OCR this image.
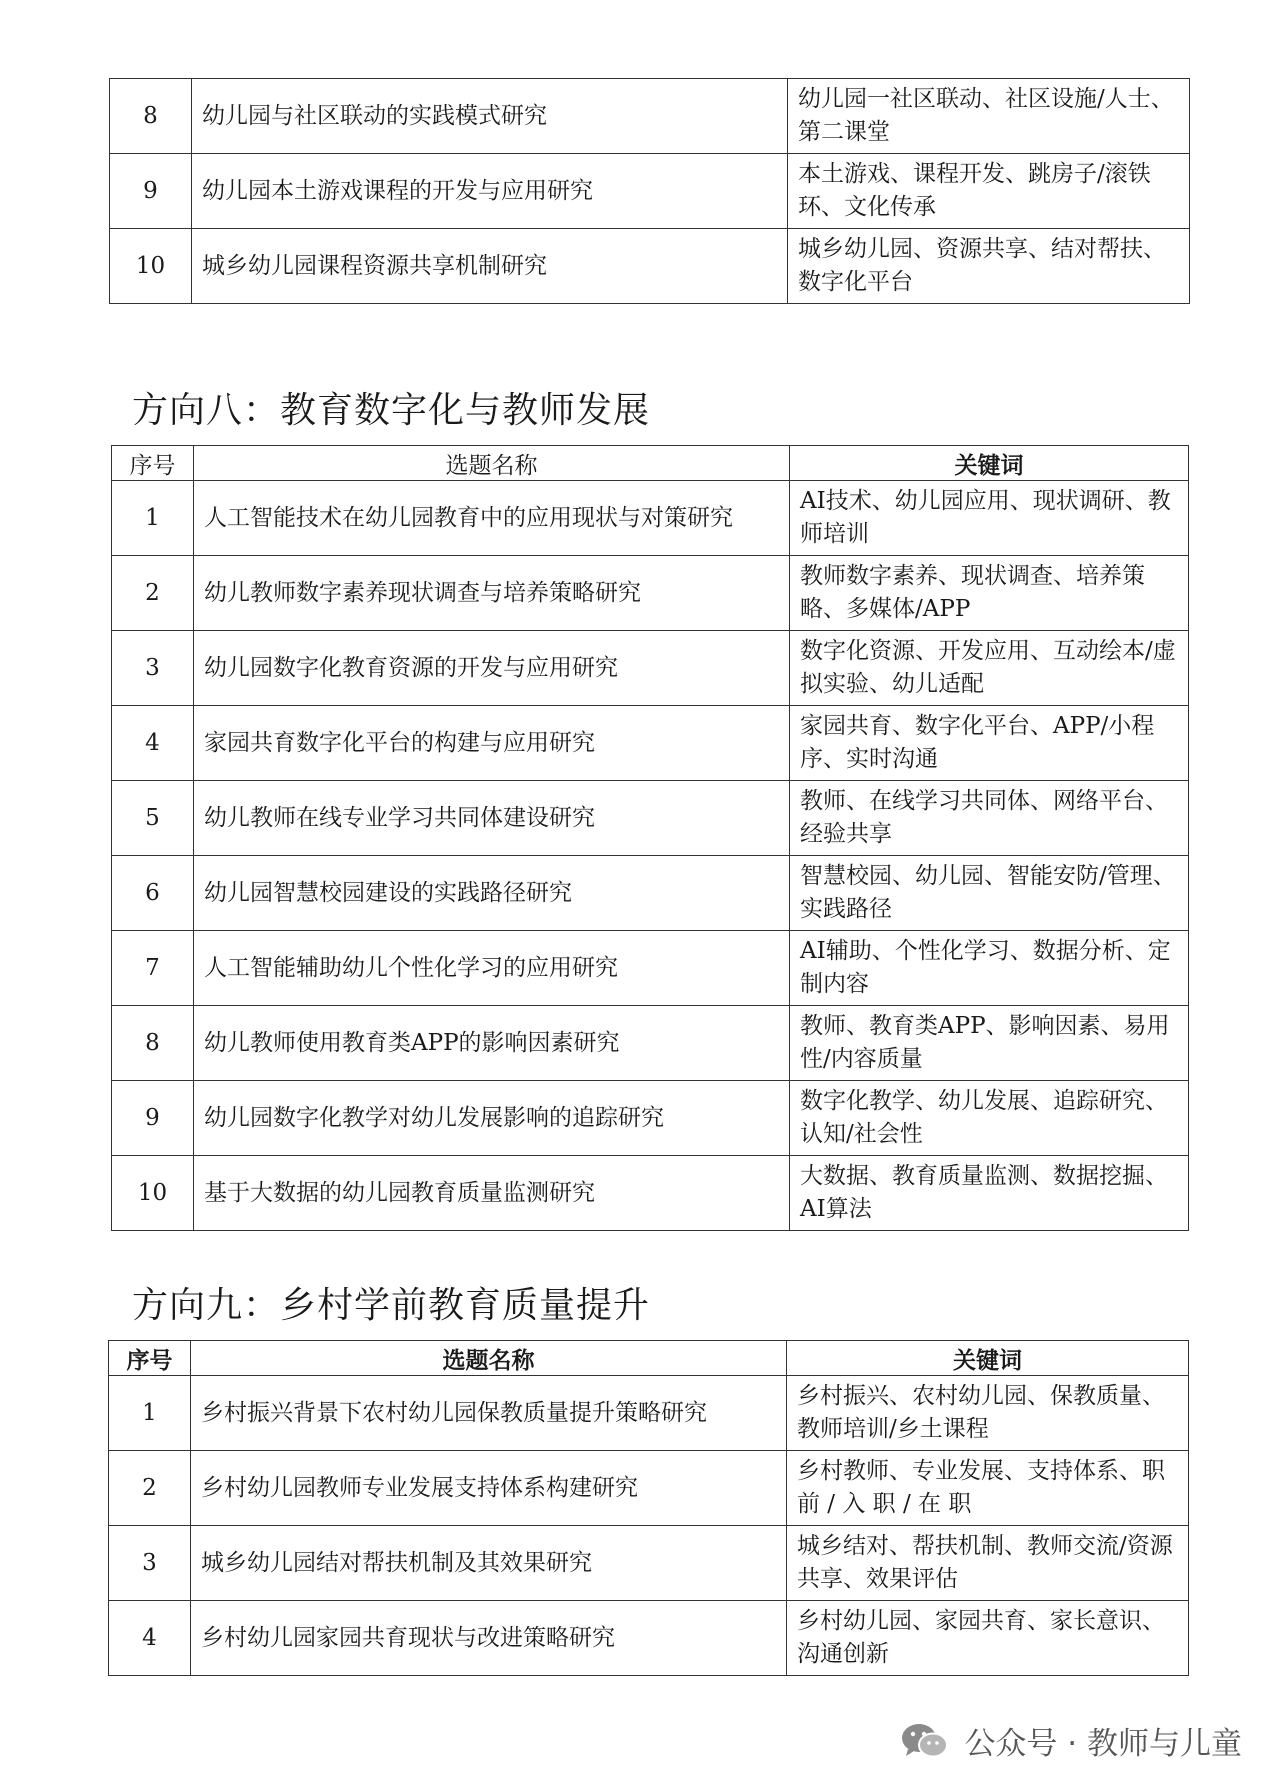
8	幼儿园与社区联动的实践模式研究	幼儿园一社区联动、社区设施/人士、第二课堂
9	幼儿园本土游戏课程的开发与应用研究	本土游戏、课程开发、跳房子/滚铁环、文化传承
10	城乡幼儿园课程资源共享机制研究	城乡幼儿园、资源共享、结对帮扶、数字化平台
方向八：教育数字化与教师发展
序号	选题名称	关键词
1	人工智能技术在幼儿园教育中的应用现状与对策研究	AI技术、幼儿园应用、现状调研、教师培训
2	幼儿教师数字素养现状调查与培养策略研究	教师数字素养、现状调查、培养策略、多媒体/APP
3	幼儿园数字化教育资源的开发与应用研究	数字化资源、开发应用、互动绘本/虚拟实验、幼儿适配
4	家园共育数字化平台的构建与应用研究	家园共育、数字化平台、APP/小程序、实时沟通
5	幼儿教师在线专业学习共同体建设研究	教师、在线学习共同体、网络平台、经验共享
6	幼儿园智慧校园建设的实践路径研究	智慧校园、幼儿园、智能安防/管理、实践路径
7	人工智能辅助幼儿个性化学习的应用研究	AI辅助、个性化学习、数据分析、定制内容
8	幼儿教师使用教育类APP的影响因素研究	教师、教育类APP、影响因素、易用性/内容质量
9	幼儿园数字化教学对幼儿发展影响的追踪研究	数字化教学、幼儿发展、追踪研究、认知/社会性
10	基于大数据的幼儿园教育质量监测研究	大数据、教育质量监测、数据挖掘、AI算法
方向九：乡村学前教育质量提升
序号	选题名称	关键词
1	乡村振兴背景下农村幼儿园保教质量提升策略研究	乡村振兴、农村幼儿园、保教质量、教师培训/乡土课程
2	乡村幼儿园教师专业发展支持体系构建研究	乡村教师、专业发展、支持体系、职 前 / 入 职 / 在 职
3	城乡幼儿园结对帮扶机制及其效果研究	城乡结对、帮扶机制、教师交流/资源共享、效果评估
4	乡村幼儿园家园共育现状与改进策略研究	乡村幼儿园、家园共育、家长意识、沟通创新
公众号 · 教师与儿童
